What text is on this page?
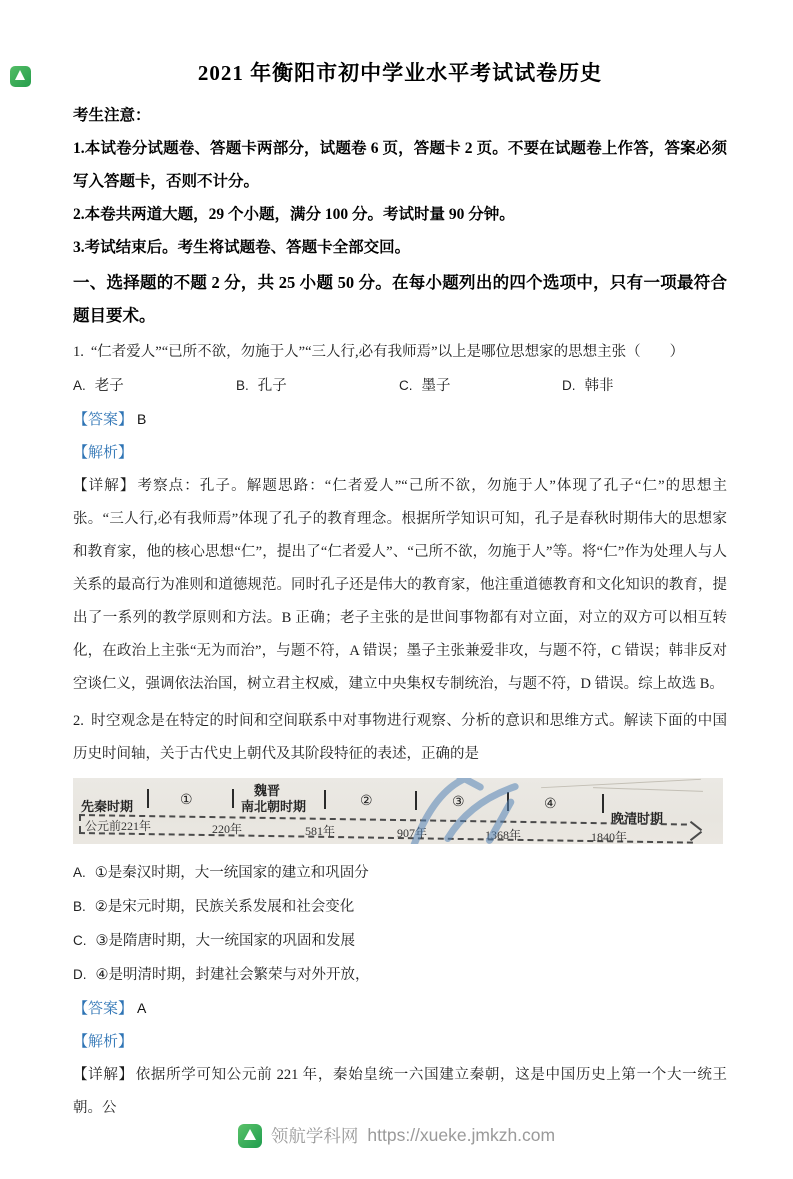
2021 年衡阳市初中学业水平考试试卷历史

考生注意：

1.本试卷分试题卷、答题卡两部分，试题卷 6 页，答题卡 2 页。不要在试题卷上作答，答案必须写入答题卡，否则不计分。

2.本卷共两道大题，29 个小题，满分 100 分。考试时量 90 分钟。

3.考试结束后。考生将试题卷、答题卡全部交回。

一、选择题的不题 2 分，共 25 小题 50 分。在每小题列出的四个选项中，只有一项最符合题目要术。

1. “仁者爱人”“已所不欲，勿施于人”“三人行,必有我师焉”以上是哪位思想家的思想主张（　　）

A. 老子	B. 孔子	C. 墨子	D. 韩非

【答案】 B

【解析】

【详解】 考察点：孔子。解题思路：“仁者爱人”“己所不欲，勿施于人”体现了孔子“仁”的思想主张。“三人行,必有我师焉”体现了孔子的教育理念。根据所学知识可知，孔子是春秋时期伟大的思想家和教育家，他的核心思想“仁”，提出了“仁者爱人”、“己所不欲，勿施于人”等。将“仁”作为处理人与人关系的最高行为准则和道德规范。同时孔子还是伟大的教育家，他注重道德教育和文化知识的教育，提出了一系列的教学原则和方法。B 正确；老子主张的是世间事物都有对立面，对立的双方可以相互转化，在政治上主张“无为而治”，与题不符，A 错误；墨子主张兼爱非攻，与题不符，C 错误；韩非反对空谈仁义，强调依法治国，树立君主权威，建立中央集权专制统治，与题不符，D 错误。综上故选 B。

2. 时空观念是在特定的时间和空间联系中对事物进行观察、分析的意识和思维方式。解读下面的中国历史时间轴，关于古代史上朝代及其阶段特征的表述，正确的是

先秦时期	①
魏晋
南北朝时期	②	③	④
晚清时期
公元前221年	220年	581年	907年	1368年	1840年

A. ①是秦汉时期，大一统国家的建立和巩固分

B. ②是宋元时期，民族关系发展和社会变化

C. ③是隋唐时期，大一统国家的巩固和发展

D. ④是明清时期，封建社会繁荣与对外开放，

【答案】 A

【解析】

【详解】 依据所学可知公元前 221 年，秦始皇统一六国建立秦朝，这是中国历史上第一个大一统王朝。公

领航学科网 https://xueke.jmkzh.com
